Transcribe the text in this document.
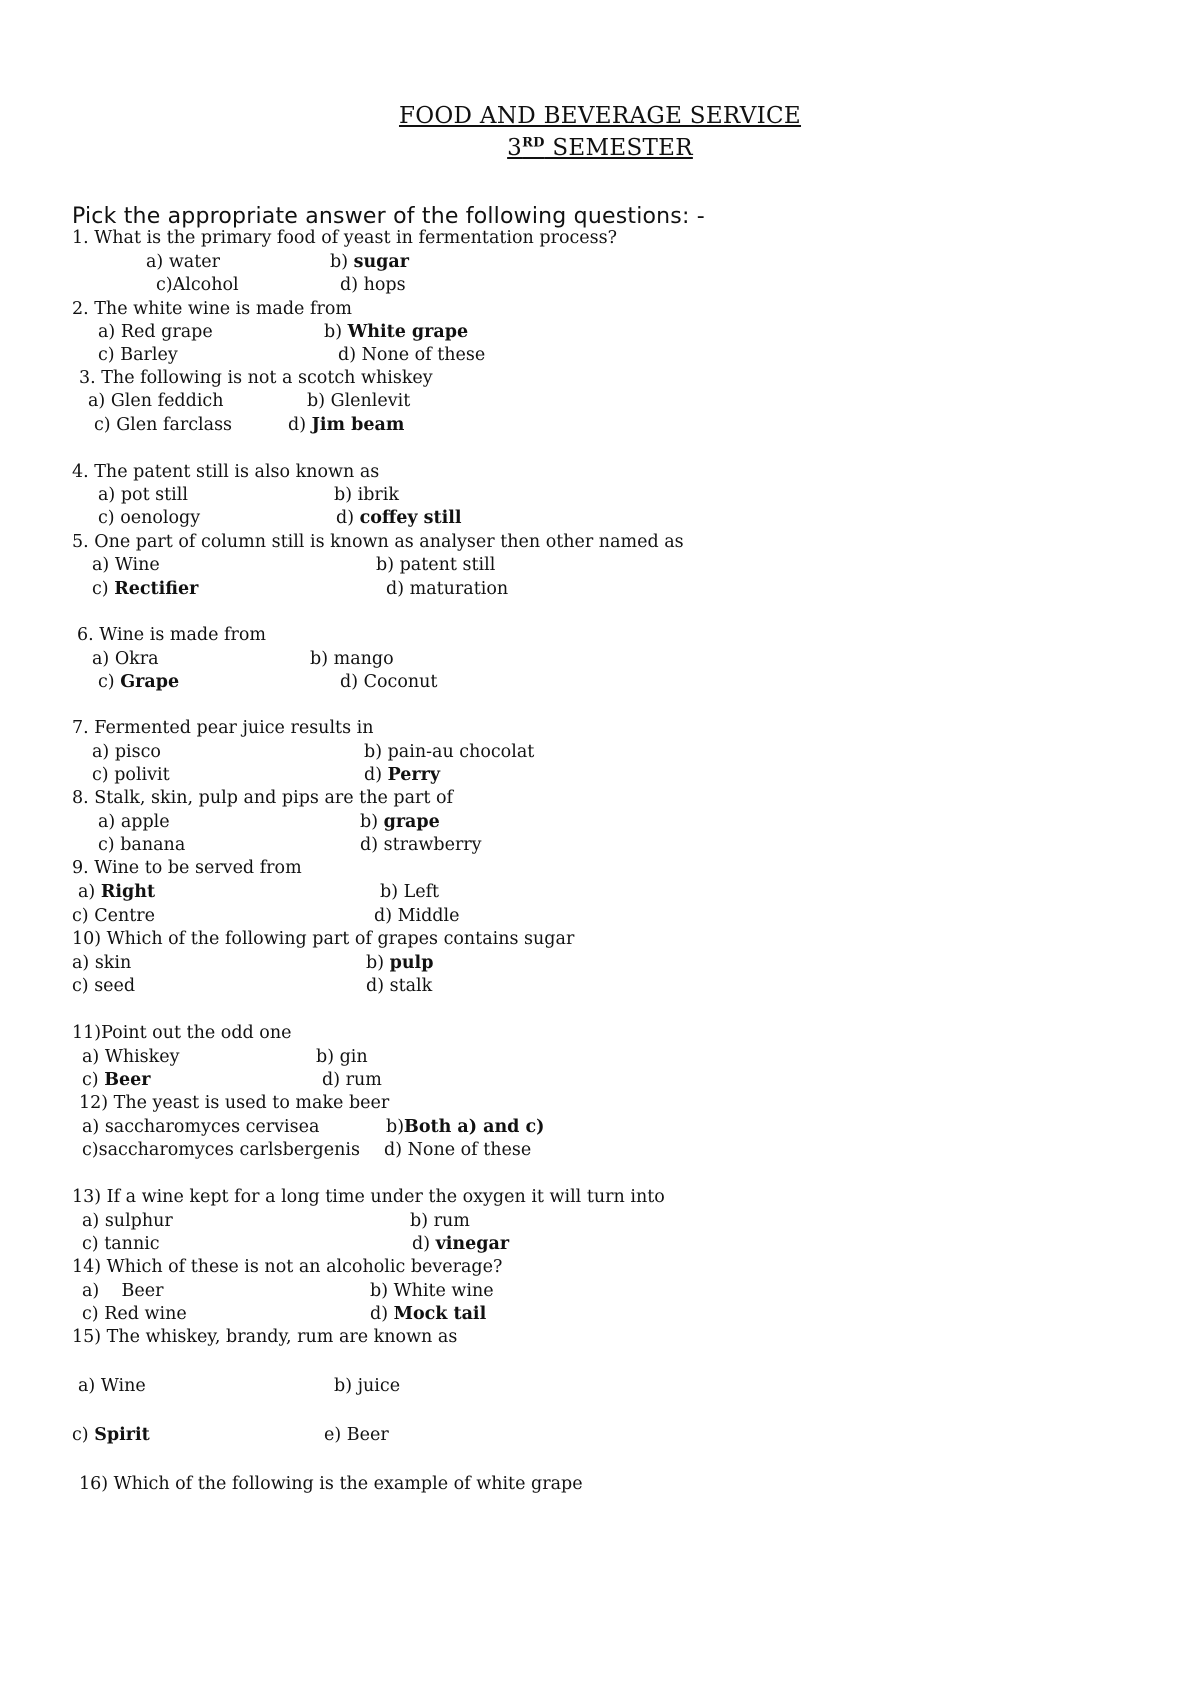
FOOD AND BEVERAGE SERVICE
3RD SEMESTER
Pick the appropriate answer of the following questions: -
1. What is the primary food of yeast in fermentation process?
a) water	b) sugar
c)Alcohol	d) hops
2. The white wine is made from
a) Red grape	b) White grape
c) Barley	d) None of these
3. The following is not a scotch whiskey
a) Glen feddich	b) Glenlevit
c) Glen farclass	d) Jim beam
4. The patent still is also known as
a) pot still	b) ibrik
c) oenology	d) coffey still
5. One part of column still is known as analyser then other named as
a) Wine	b) patent still
c) Rectifier	d) maturation
6. Wine is made from
a) Okra	b) mango
c) Grape	d) Coconut
7. Fermented pear juice results in
a) pisco	b) pain-au chocolat
c) polivit	d) Perry
8. Stalk, skin, pulp and pips are the part of
a) apple	b) grape
c) banana	d) strawberry
9. Wine to be served from
a) Right	b) Left
c) Centre	d) Middle
10) Which of the following part of grapes contains sugar
a) skin	b) pulp
c) seed	d) stalk
11)Point out the odd one
a) Whiskey	b) gin
c) Beer	d) rum
12) The yeast is used to make beer
a) saccharomyces cervisea	b)Both a) and c)
c)saccharomyces carlsbergenis d) None of these
13) If a wine kept for a long time under the oxygen it will turn into
a) sulphur	b) rum
c) tannic	d) vinegar
14) Which of these is not an alcoholic beverage?
a)    Beer	b) White wine
c) Red wine	d) Mock tail
15) The whiskey, brandy, rum are known as
a) Wine	b) juice
c) Spirit	e) Beer
16) Which of the following is the example of white grape
